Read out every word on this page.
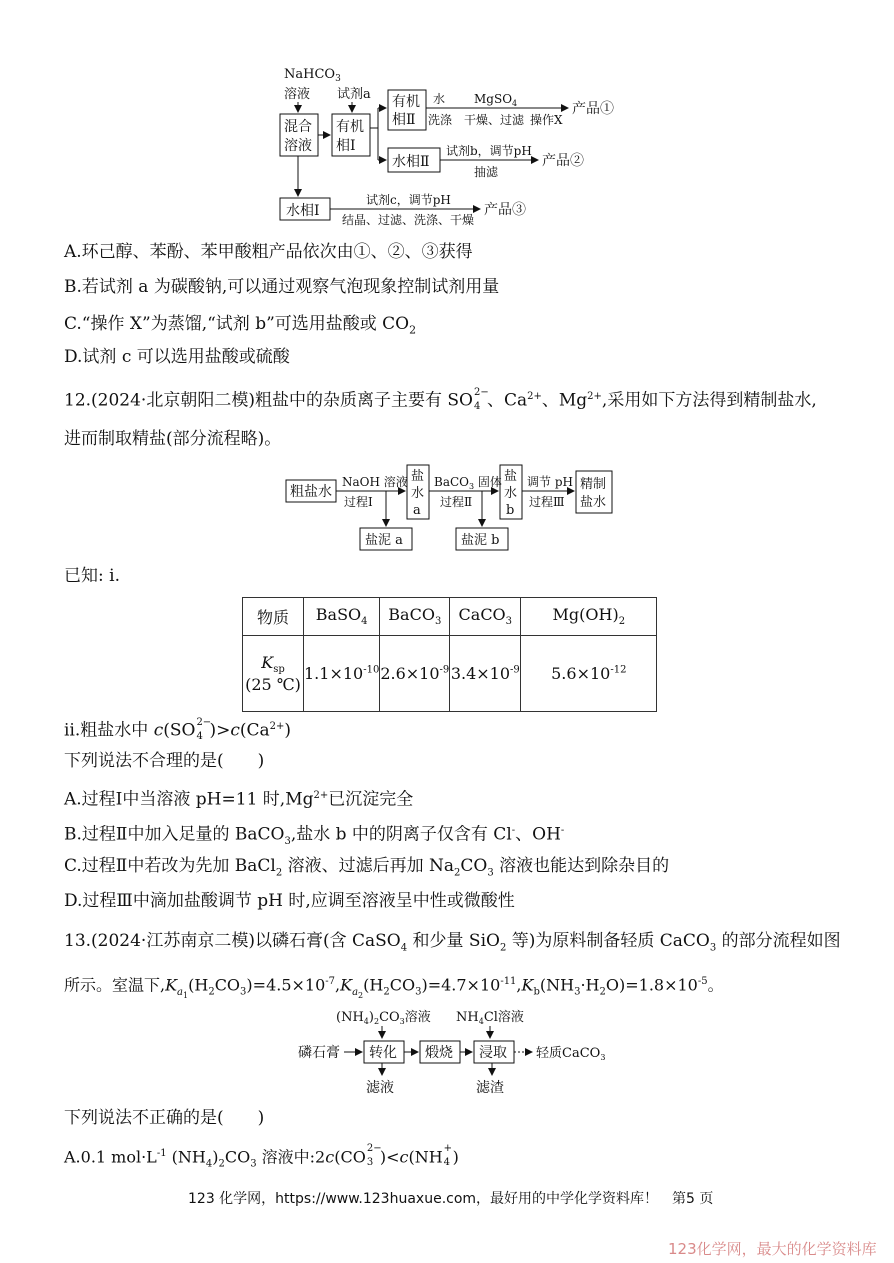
NaHCO$_3$
溶液 试剂a
混合
溶液
有机
相Ⅰ
有机
相Ⅱ
水
洗涤
MgSO$_4$
干燥、过滤 操作X
产品①
水相Ⅱ
试剂b，调节pH
抽滤
产品②
水相Ⅰ
试剂c，调节pH
结晶、过滤、洗涤、干燥
产品③
A.环己醇、苯酚、苯甲酸粗产品依次由①、②、③获得
B.若试剂 a 为碳酸钠,可以通过观察气泡现象控制试剂用量
C.“操作 X”为蒸馏,“试剂 b”可选用盐酸或 $CO_2$
D.试剂 c 可以选用盐酸或硫酸
12.(2024·北京朝阳二模)粗盐中的杂质离子主要有 SO 2−
4 、$Ca^{2+}$、$Mg^{2+}$,采用如下方法得到精制盐水,
进而制取精盐(部分流程略)。
粗盐水
NaOH 溶液
过程Ⅰ
盐
水
a
BaCO$_3$ 固体
过程Ⅱ
盐
水
b
调节 pH
过程Ⅲ
精制
盐水
盐泥 a	盐泥 b
已知: ⅰ.
物质	BaSO$_4$	BaCO$_3$	CaCO$_3$	$Mg(OH)_2$
$K_{sp}$
(25 ℃)	$1.1\times 10^{-10}$	$2.6\times 10^{-9}$	$3.4\times 10^{-9}$	$5.6\times 10^{-12}$
ⅱ.粗盐水中 c(SO 2−
4 )$>c(Ca^{2+})$
下列说法不合理的是(　　)
A.过程Ⅰ中当溶液 pH=11 时$,Mg^{2+}$已沉淀完全
B.过程Ⅱ中加入足量的 BaCO$_3$,盐水 b 中的阴离子仅含有 Cl-、OH-
C.过程Ⅱ中若改为先加 BaCl$_2$ 溶液、过滤后再加 $Na_2CO_3$ 溶液也能达到除杂目的
D.过程Ⅲ中滴加盐酸调节 pH 时,应调至溶液呈中性或微酸性
13.(2024·江苏南京二模)以磷石膏(含 CaSO$_4$ 和少量 SiO$_2$ 等)为原料制备轻质 CaCO$_3$ 的部分流程如图
所示。室温下$,K_{a_1}(H_2CO_3)=4.5\times 10^{-7},K_{a_2}(H_2CO_3)=4.7\times 10^{-11},K_b(NH_3\cdot H_2O)=1.8\times 10^{-5}$。
$(NH_4)_2CO_3$溶液 $NH_4Cl$溶液
磷石膏 转化 煅烧 浸取 轻质CaCO$_3$
滤液	滤渣
下列说法不正确的是(　　)
A.0.1 $mol\cdot L^{-1}$ $(NH_4)_2CO_3$ 溶液中:2c(CO 2−
3 )<c(NH +
4 )
123 化学网，https://www.123huaxue.com，最好用的中学化学资料库！　第5 页
123化学网，最大的化学资料库
